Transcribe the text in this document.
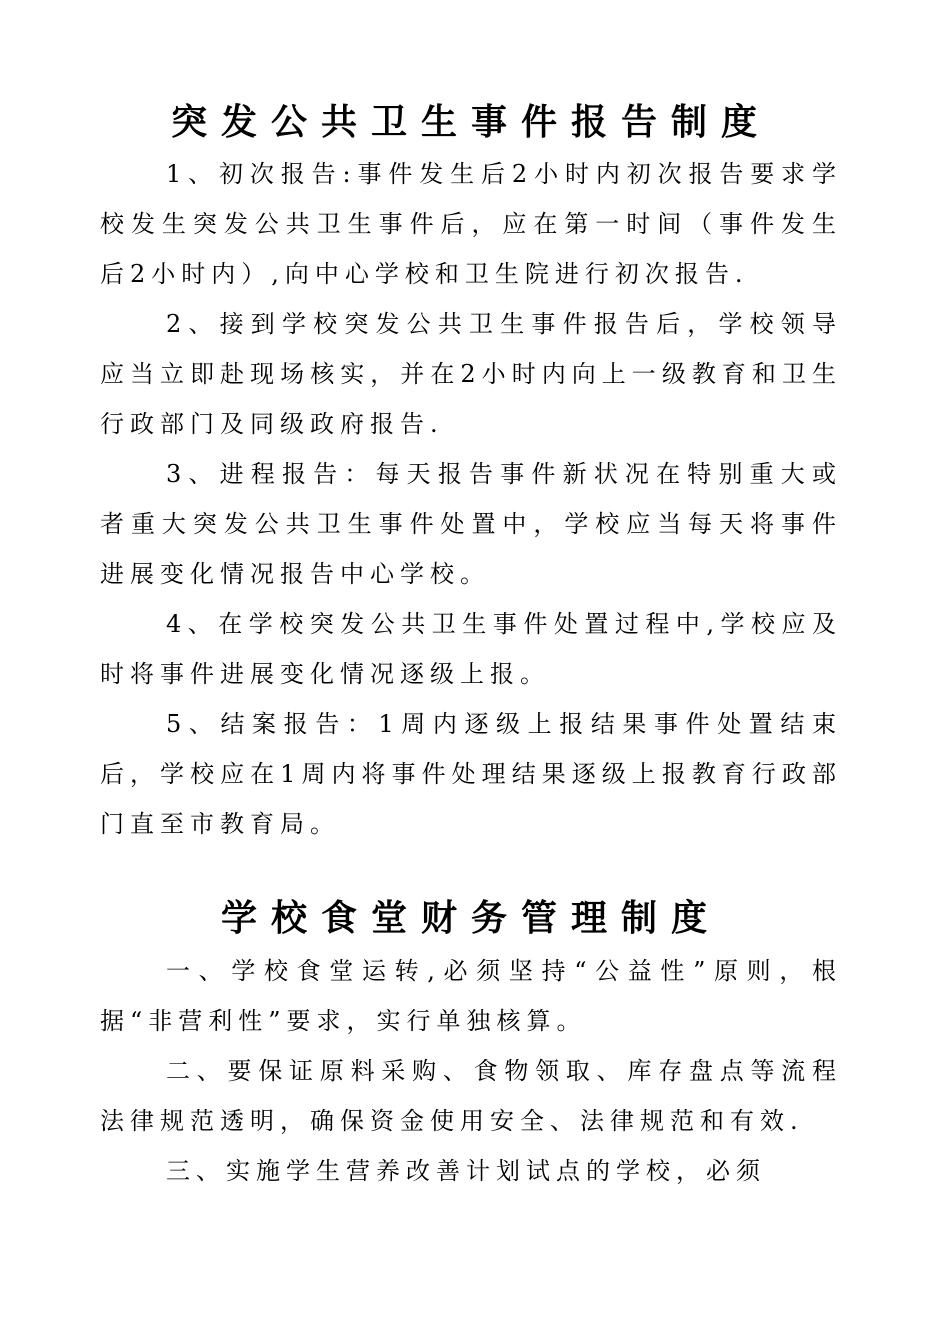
突发公共卫生事件报告制度

1、初次报告:事件发生后2小时内初次报告要求学校发生突发公共卫生事件后，应在第一时间（事件发生后2小时内）,向中心学校和卫生院进行初次报告.

2、接到学校突发公共卫生事件报告后，学校领导应当立即赴现场核实，并在2小时内向上一级教育和卫生行政部门及同级政府报告.

3、进程报告：每天报告事件新状况在特别重大或者重大突发公共卫生事件处置中，学校应当每天将事件进展变化情况报告中心学校。

4、在学校突发公共卫生事件处置过程中,学校应及时将事件进展变化情况逐级上报。

5、结案报告：1周内逐级上报结果事件处置结束后，学校应在1周内将事件处理结果逐级上报教育行政部门直至市教育局。

学校食堂财务管理制度

一、学校食堂运转,必须坚持“公益性”原则，根据“非营利性”要求，实行单独核算。

二、要保证原料采购、食物领取、库存盘点等流程法律规范透明，确保资金使用安全、法律规范和有效.

三、实施学生营养改善计划试点的学校，必须
